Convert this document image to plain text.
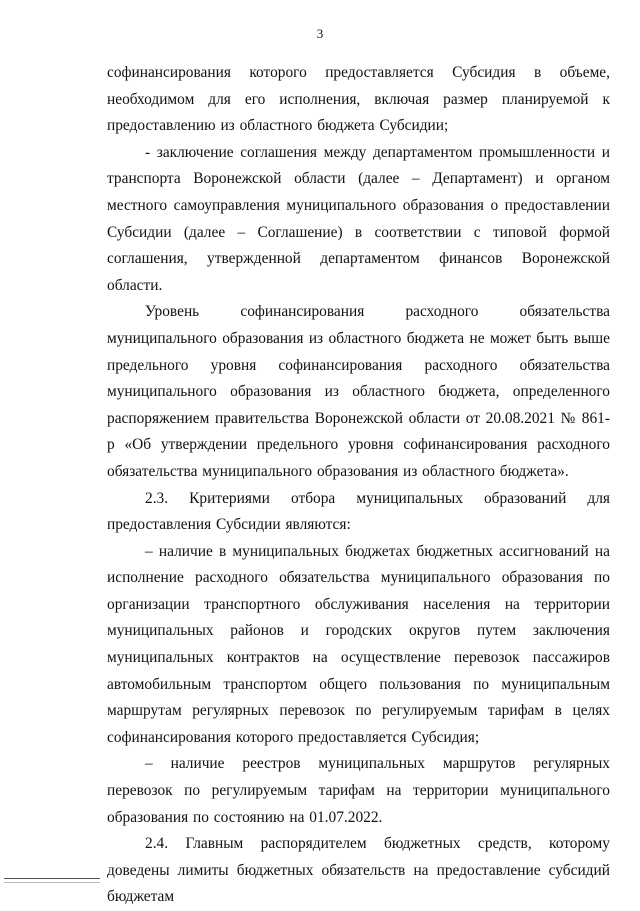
3

софинансирования которого предоставляется Субсидия в объеме, необходимом для его исполнения, включая размер планируемой к предоставлению из областного бюджета Субсидии;

- заключение соглашения между департаментом промышленности и транспорта Воронежской области (далее – Департамент) и органом местного самоуправления муниципального образования о предоставлении Субсидии (далее – Соглашение) в соответствии с типовой формой соглашения, утвержденной департаментом финансов Воронежской области.

Уровень софинансирования расходного обязательства муниципального образования из областного бюджета не может быть выше предельного уровня софинансирования расходного обязательства муниципального образования из областного бюджета, определенного распоряжением правительства Воронежской области от 20.08.2021 № 861-р «Об утверждении предельного уровня софинансирования расходного обязательства муниципального образования из областного бюджета».

2.3. Критериями отбора муниципальных образований для предоставления Субсидии являются:

– наличие в муниципальных бюджетах бюджетных ассигнований на исполнение расходного обязательства муниципального образования по организации транспортного обслуживания населения на территории муниципальных районов и городских округов путем заключения муниципальных контрактов на осуществление перевозок пассажиров автомобильным транспортом общего пользования по муниципальным маршрутам регулярных перевозок по регулируемым тарифам в целях софинансирования которого предоставляется Субсидия;

– наличие реестров муниципальных маршрутов регулярных перевозок по регулируемым тарифам на территории муниципального образования по состоянию на 01.07.2022.

2.4. Главным распорядителем бюджетных средств, которому доведены лимиты бюджетных обязательств на предоставление субсидий бюджетам
